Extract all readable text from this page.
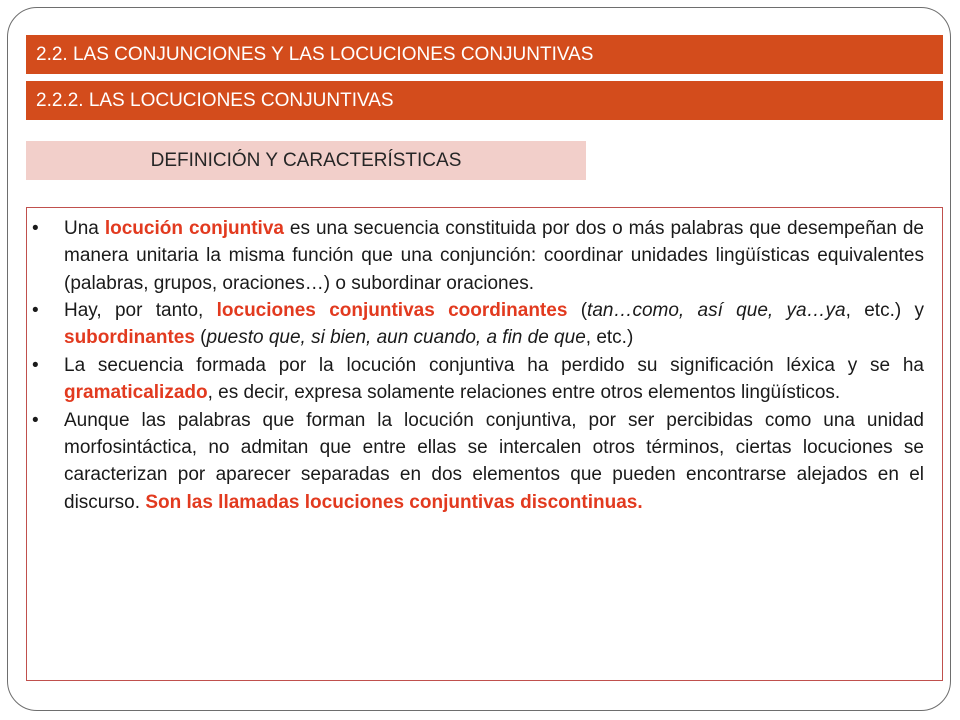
2.2. LAS CONJUNCIONES Y LAS LOCUCIONES CONJUNTIVAS
2.2.2. LAS LOCUCIONES CONJUNTIVAS
DEFINICIÓN Y CARACTERÍSTICAS
• Una locución conjuntiva es una secuencia constituida por dos o más palabras que desempeñan de manera unitaria la misma función que una conjunción: coordinar unidades lingüísticas equivalentes (palabras, grupos, oraciones…) o subordinar oraciones.
• Hay, por tanto, locuciones conjuntivas coordinantes (tan…como, así que, ya…ya, etc.) y subordinantes (puesto que, si bien, aun cuando, a fin de que, etc.)
• La secuencia formada por la locución conjuntiva ha perdido su significación léxica y se ha gramaticalizado, es decir, expresa solamente relaciones entre otros elementos lingüísticos.
• Aunque las palabras que forman la locución conjuntiva, por ser percibidas como una unidad morfosintáctica, no admitan que entre ellas se intercalen otros términos, ciertas locuciones se caracterizan por aparecer separadas en dos elementos que pueden encontrarse alejados en el discurso. Son las llamadas locuciones conjuntivas discontinuas.
